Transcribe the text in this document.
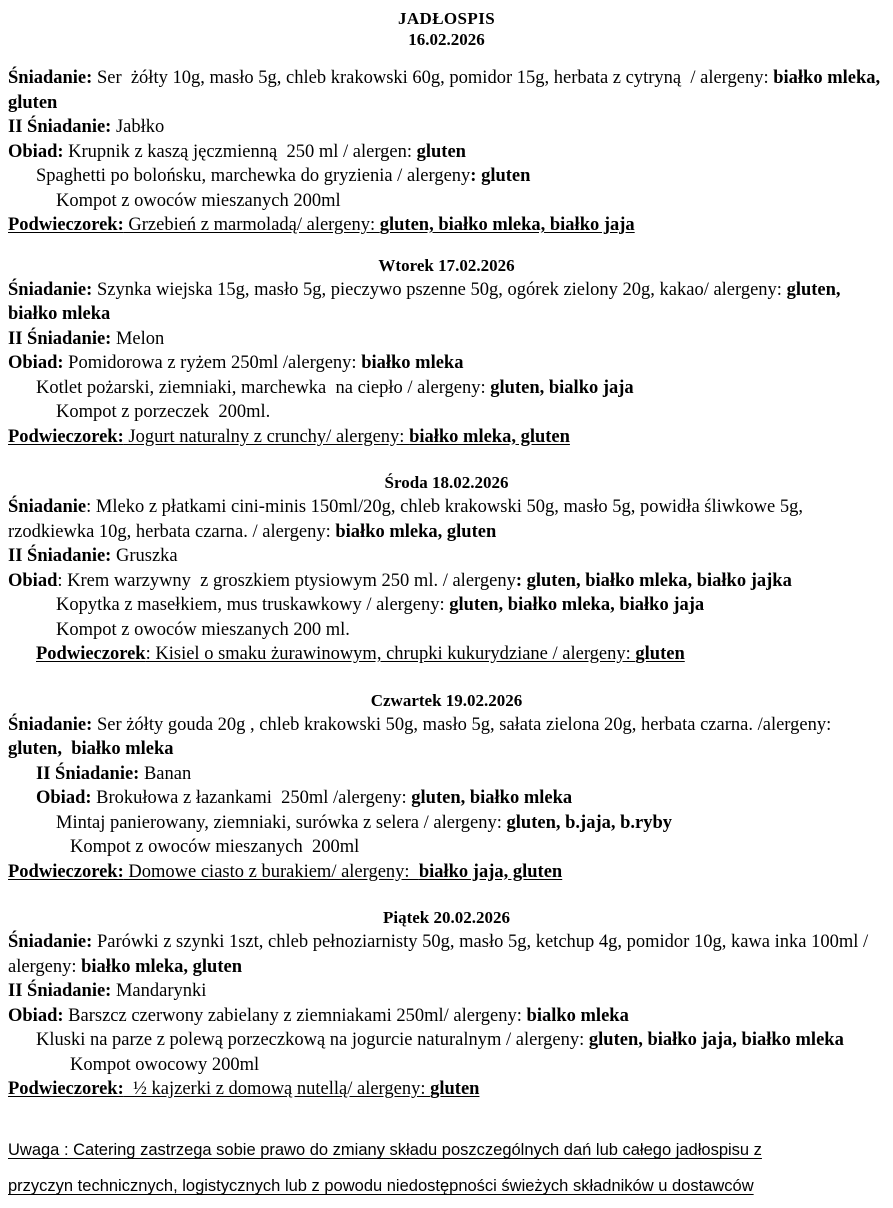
JADŁOSPIS
16.02.2026
Śniadanie: Ser  żółty 10g, masło 5g, chleb krakowski 60g, pomidor 15g, herbata z cytryną  / alergeny: białko mleka, gluten
II Śniadanie: Jabłko
Obiad: Krupnik z kaszą jęczmienną  250 ml / alergen: gluten
Spaghetti po bolońsku, marchewka do gryzienia / alergeny: gluten
Kompot z owoców mieszanych 200ml
Podwieczorek: Grzebień z marmoladą/ alergeny: gluten, białko mleka, białko jaja
Wtorek 17.02.2026
Śniadanie: Szynka wiejska 15g, masło 5g, pieczywo pszenne 50g, ogórek zielony 20g, kakao/ alergeny: gluten, białko mleka
II Śniadanie: Melon
Obiad: Pomidorowa z ryżem 250ml /alergeny: białko mleka
Kotlet pożarski, ziemniaki, marchewka  na ciepło / alergeny: gluten, bialko jaja
Kompot z porzeczek  200ml.
Podwieczorek: Jogurt naturalny z crunchy/ alergeny: białko mleka, gluten
Środa 18.02.2026
Śniadanie: Mleko z płatkami cini-minis 150ml/20g, chleb krakowski 50g, masło 5g, powidła śliwkowe 5g, rzodkiewka 10g, herbata czarna. / alergeny: białko mleka, gluten
II Śniadanie: Gruszka
Obiad: Krem warzywny  z groszkiem ptysiowym 250 ml. / alergeny: gluten, białko mleka, białko jajka
Kopytka z masełkiem, mus truskawkowy / alergeny: gluten, białko mleka, białko jaja
Kompot z owoców mieszanych 200 ml.
Podwieczorek: Kisiel o smaku żurawinowym, chrupki kukurydziane / alergeny: gluten
Czwartek 19.02.2026
Śniadanie: Ser żółty gouda 20g , chleb krakowski 50g, masło 5g, sałata zielona 20g, herbata czarna. /alergeny: gluten,  białko mleka
II Śniadanie: Banan
Obiad: Brokułowa z łazankami  250ml /alergeny: gluten, białko mleka
Mintaj panierowany, ziemniaki, surówka z selera / alergeny: gluten, b.jaja, b.ryby
Kompot z owoców mieszanych  200ml
Podwieczorek: Domowe ciasto z burakiem/ alergeny:  białko jaja, gluten
Piątek 20.02.2026
Śniadanie: Parówki z szynki 1szt, chleb pełnoziarnisty 50g, masło 5g, ketchup 4g, pomidor 10g, kawa inka 100ml / alergeny: białko mleka, gluten
II Śniadanie: Mandarynki
Obiad: Barszcz czerwony zabielany z ziemniakami 250ml/ alergeny: bialko mleka
Kluski na parze z polewą porzeczkową na jogurcie naturalnym / alergeny: gluten, białko jaja, białko mleka
Kompot owocowy 200ml
Podwieczorek:  ½ kajzerki z domową nutellą/ alergeny: gluten
Uwaga : Catering zastrzega sobie prawo do zmiany składu poszczególnych dań lub całego jadłospisu z
przyczyn technicznych, logistycznych lub z powodu niedostępności świeżych składników u dostawców
